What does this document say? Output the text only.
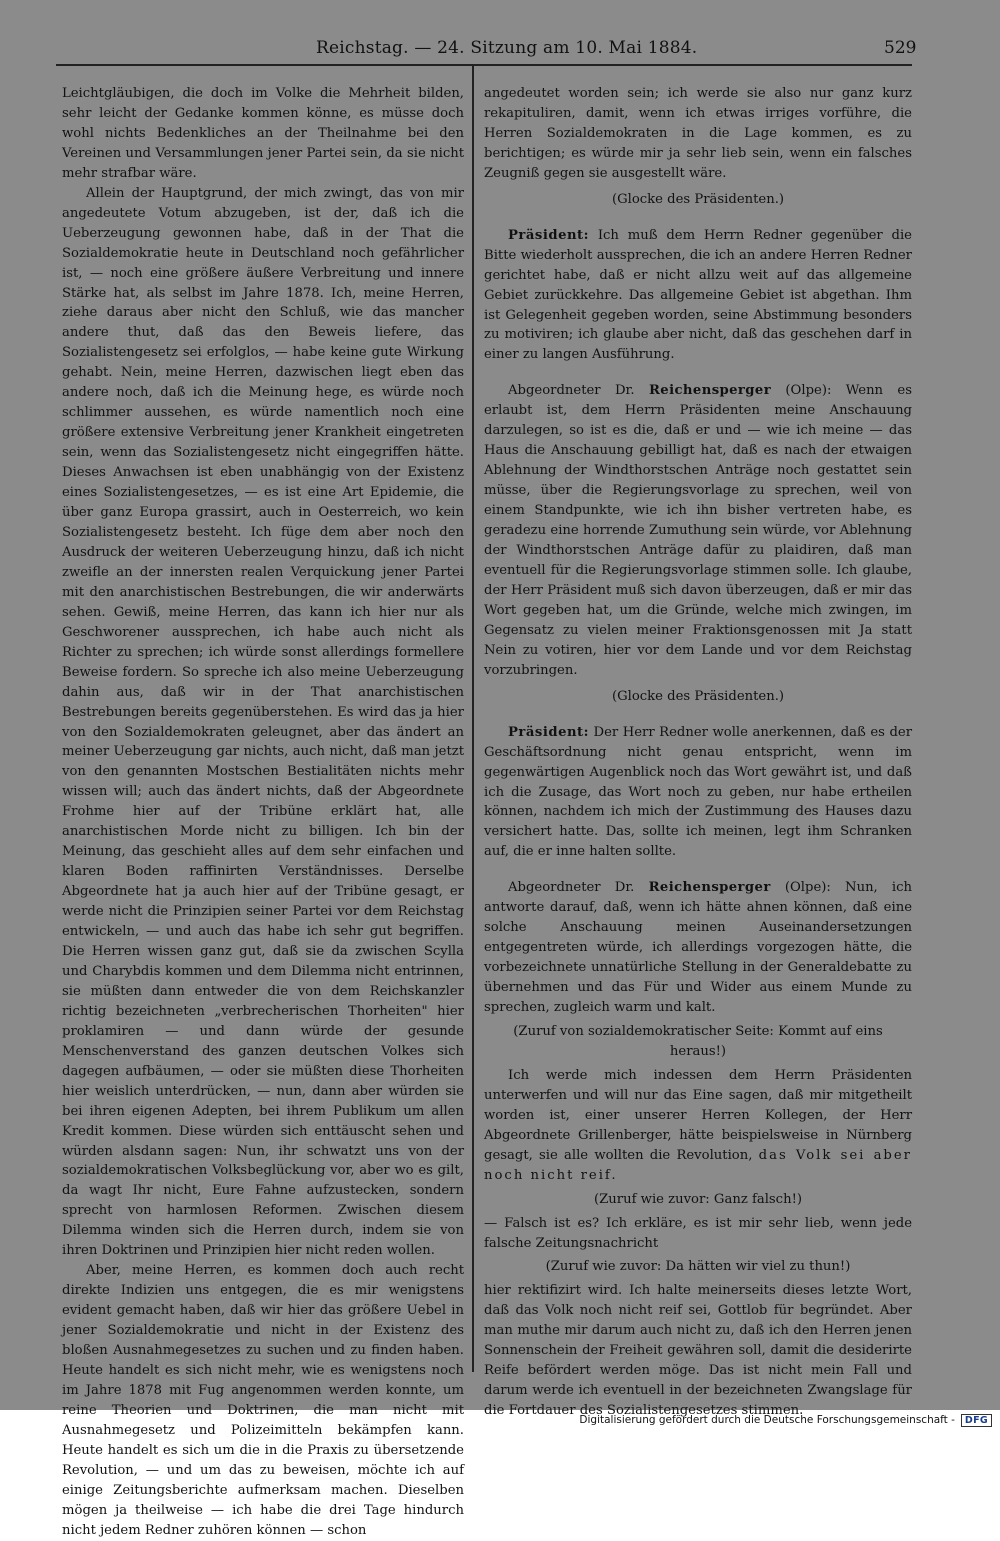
Reichstag. — 24. Sitzung am 10. Mai 1884.	529

Leichtgläubigen, die doch im Volke die Mehrheit bilden, sehr leicht der Gedanke kommen könne, es müsse doch wohl nichts Bedenkliches an der Theilnahme bei den Vereinen und Versammlungen jener Partei sein, da sie nicht mehr strafbar wäre.

Allein der Hauptgrund, der mich zwingt, das von mir angedeutete Votum abzugeben, ist der, daß ich die Ueberzeugung gewonnen habe, daß in der That die Sozialdemokratie heute in Deutschland noch gefährlicher ist, — noch eine größere äußere Verbreitung und innere Stärke hat, als selbst im Jahre 1878. Ich, meine Herren, ziehe daraus aber nicht den Schluß, wie das mancher andere thut, daß das den Beweis liefere, das Sozialistengesetz sei erfolglos, — habe keine gute Wirkung gehabt. Nein, meine Herren, dazwischen liegt eben das andere noch, daß ich die Meinung hege, es würde noch schlimmer aussehen, es würde namentlich noch eine größere extensive Verbreitung jener Krankheit eingetreten sein, wenn das Sozialistengesetz nicht eingegriffen hätte. Dieses Anwachsen ist eben unabhängig von der Existenz eines Sozialistengesetzes, — es ist eine Art Epidemie, die über ganz Europa grassirt, auch in Oesterreich, wo kein Sozialistengesetz besteht. Ich füge dem aber noch den Ausdruck der weiteren Ueberzeugung hinzu, daß ich nicht zweifle an der innersten realen Verquickung jener Partei mit den anarchistischen Bestrebungen, die wir anderwärts sehen. Gewiß, meine Herren, das kann ich hier nur als Geschworener aussprechen, ich habe auch nicht als Richter zu sprechen; ich würde sonst allerdings formellere Beweise fordern. So spreche ich also meine Ueberzeugung dahin aus, daß wir in der That anarchistischen Bestrebungen bereits gegenüberstehen. Es wird das ja hier von den Sozialdemokraten geleugnet, aber das ändert an meiner Ueberzeugung gar nichts, auch nicht, daß man jetzt von den genannten Mostschen Bestialitäten nichts mehr wissen will; auch das ändert nichts, daß der Abgeordnete Frohme hier auf der Tribüne erklärt hat, alle anarchistischen Morde nicht zu billigen. Ich bin der Meinung, das geschieht alles auf dem sehr einfachen und klaren Boden raffinirten Verständnisses. Derselbe Abgeordnete hat ja auch hier auf der Tribüne gesagt, er werde nicht die Prinzipien seiner Partei vor dem Reichstag entwickeln, — und auch das habe ich sehr gut begriffen. Die Herren wissen ganz gut, daß sie da zwischen Scylla und Charybdis kommen und dem Dilemma nicht entrinnen, sie müßten dann entweder die von dem Reichskanzler richtig bezeichneten „verbrecherischen Thorheiten" hier proklamiren — und dann würde der gesunde Menschenverstand des ganzen deutschen Volkes sich dagegen aufbäumen, — oder sie müßten diese Thorheiten hier weislich unterdrücken, — nun, dann aber würden sie bei ihren eigenen Adepten, bei ihrem Publikum um allen Kredit kommen. Diese würden sich enttäuscht sehen und würden alsdann sagen: Nun, ihr schwatzt uns von der sozialdemokratischen Volksbeglückung vor, aber wo es gilt, da wagt Ihr nicht, Eure Fahne aufzustecken, sondern sprecht von harmlosen Reformen. Zwischen diesem Dilemma winden sich die Herren durch, indem sie von ihren Doktrinen und Prinzipien hier nicht reden wollen.

Aber, meine Herren, es kommen doch auch recht direkte Indizien uns entgegen, die es mir wenigstens evident gemacht haben, daß wir hier das größere Uebel in jener Sozialdemokratie und nicht in der Existenz des bloßen Ausnahmegesetzes zu suchen und zu finden haben. Heute handelt es sich nicht mehr, wie es wenigstens noch im Jahre 1878 mit Fug angenommen werden konnte, um reine Theorien und Doktrinen, die man nicht mit Ausnahmegesetz und Polizeimitteln bekämpfen kann. Heute handelt es sich um die in die Praxis zu übersetzende Revolution, — und um das zu beweisen, möchte ich auf einige Zeitungsberichte aufmerksam machen. Dieselben mögen ja theilweise — ich habe die drei Tage hindurch nicht jedem Redner zuhören können — schon

angedeutet worden sein; ich werde sie also nur ganz kurz rekapituliren, damit, wenn ich etwas irriges vorführe, die Herren Sozialdemokraten in die Lage kommen, es zu berichtigen; es würde mir ja sehr lieb sein, wenn ein falsches Zeugniß gegen sie ausgestellt wäre.

(Glocke des Präsidenten.)

Präsident: Ich muß dem Herrn Redner gegenüber die Bitte wiederholt aussprechen, die ich an andere Herren Redner gerichtet habe, daß er nicht allzu weit auf das allgemeine Gebiet zurückkehre. Das allgemeine Gebiet ist abgethan. Ihm ist Gelegenheit gegeben worden, seine Abstimmung besonders zu motiviren; ich glaube aber nicht, daß das geschehen darf in einer zu langen Ausführung.

Abgeordneter Dr. Reichensperger (Olpe): Wenn es erlaubt ist, dem Herrn Präsidenten meine Anschauung darzulegen, so ist es die, daß er und — wie ich meine — das Haus die Anschauung gebilligt hat, daß es nach der etwaigen Ablehnung der Windthorstschen Anträge noch gestattet sein müsse, über die Regierungsvorlage zu sprechen, weil von einem Standpunkte, wie ich ihn bisher vertreten habe, es geradezu eine horrende Zumuthung sein würde, vor Ablehnung der Windthorstschen Anträge dafür zu plaidiren, daß man eventuell für die Regierungsvorlage stimmen solle. Ich glaube, der Herr Präsident muß sich davon überzeugen, daß er mir das Wort gegeben hat, um die Gründe, welche mich zwingen, im Gegensatz zu vielen meiner Fraktionsgenossen mit Ja statt Nein zu votiren, hier vor dem Lande und vor dem Reichstag vorzubringen.

(Glocke des Präsidenten.)

Präsident: Der Herr Redner wolle anerkennen, daß es der Geschäftsordnung nicht genau entspricht, wenn im gegenwärtigen Augenblick noch das Wort gewährt ist, und daß ich die Zusage, das Wort noch zu geben, nur habe ertheilen können, nachdem ich mich der Zustimmung des Hauses dazu versichert hatte. Das, sollte ich meinen, legt ihm Schranken auf, die er inne halten sollte.

Abgeordneter Dr. Reichensperger (Olpe): Nun, ich antworte darauf, daß, wenn ich hätte ahnen können, daß eine solche Anschauung meinen Auseinandersetzungen entgegentreten würde, ich allerdings vorgezogen hätte, die vorbezeichnete unnatürliche Stellung in der Generaldebatte zu übernehmen und das Für und Wider aus einem Munde zu sprechen, zugleich warm und kalt.

(Zuruf von sozialdemokratischer Seite: Kommt auf eins heraus!)

Ich werde mich indessen dem Herrn Präsidenten unterwerfen und will nur das Eine sagen, daß mir mitgetheilt worden ist, einer unserer Herren Kollegen, der Herr Abgeordnete Grillenberger, hätte beispielsweise in Nürnberg gesagt, sie alle wollten die Revolution, das Volk sei aber noch nicht reif.

(Zuruf wie zuvor: Ganz falsch!)

— Falsch ist es? Ich erkläre, es ist mir sehr lieb, wenn jede falsche Zeitungsnachricht

(Zuruf wie zuvor: Da hätten wir viel zu thun!)

hier rektifizirt wird. Ich halte meinerseits dieses letzte Wort, daß das Volk noch nicht reif sei, Gottlob für begründet. Aber man muthe mir darum auch nicht zu, daß ich den Herren jenen Sonnenschein der Freiheit gewähren soll, damit die desiderirte Reife befördert werden möge. Das ist nicht mein Fall und darum werde ich eventuell in der bezeichneten Zwangslage für die Fortdauer des Sozialistengesetzes stimmen.

Digitalisierung gefördert durch die Deutsche Forschungsgemeinschaft - DFG
